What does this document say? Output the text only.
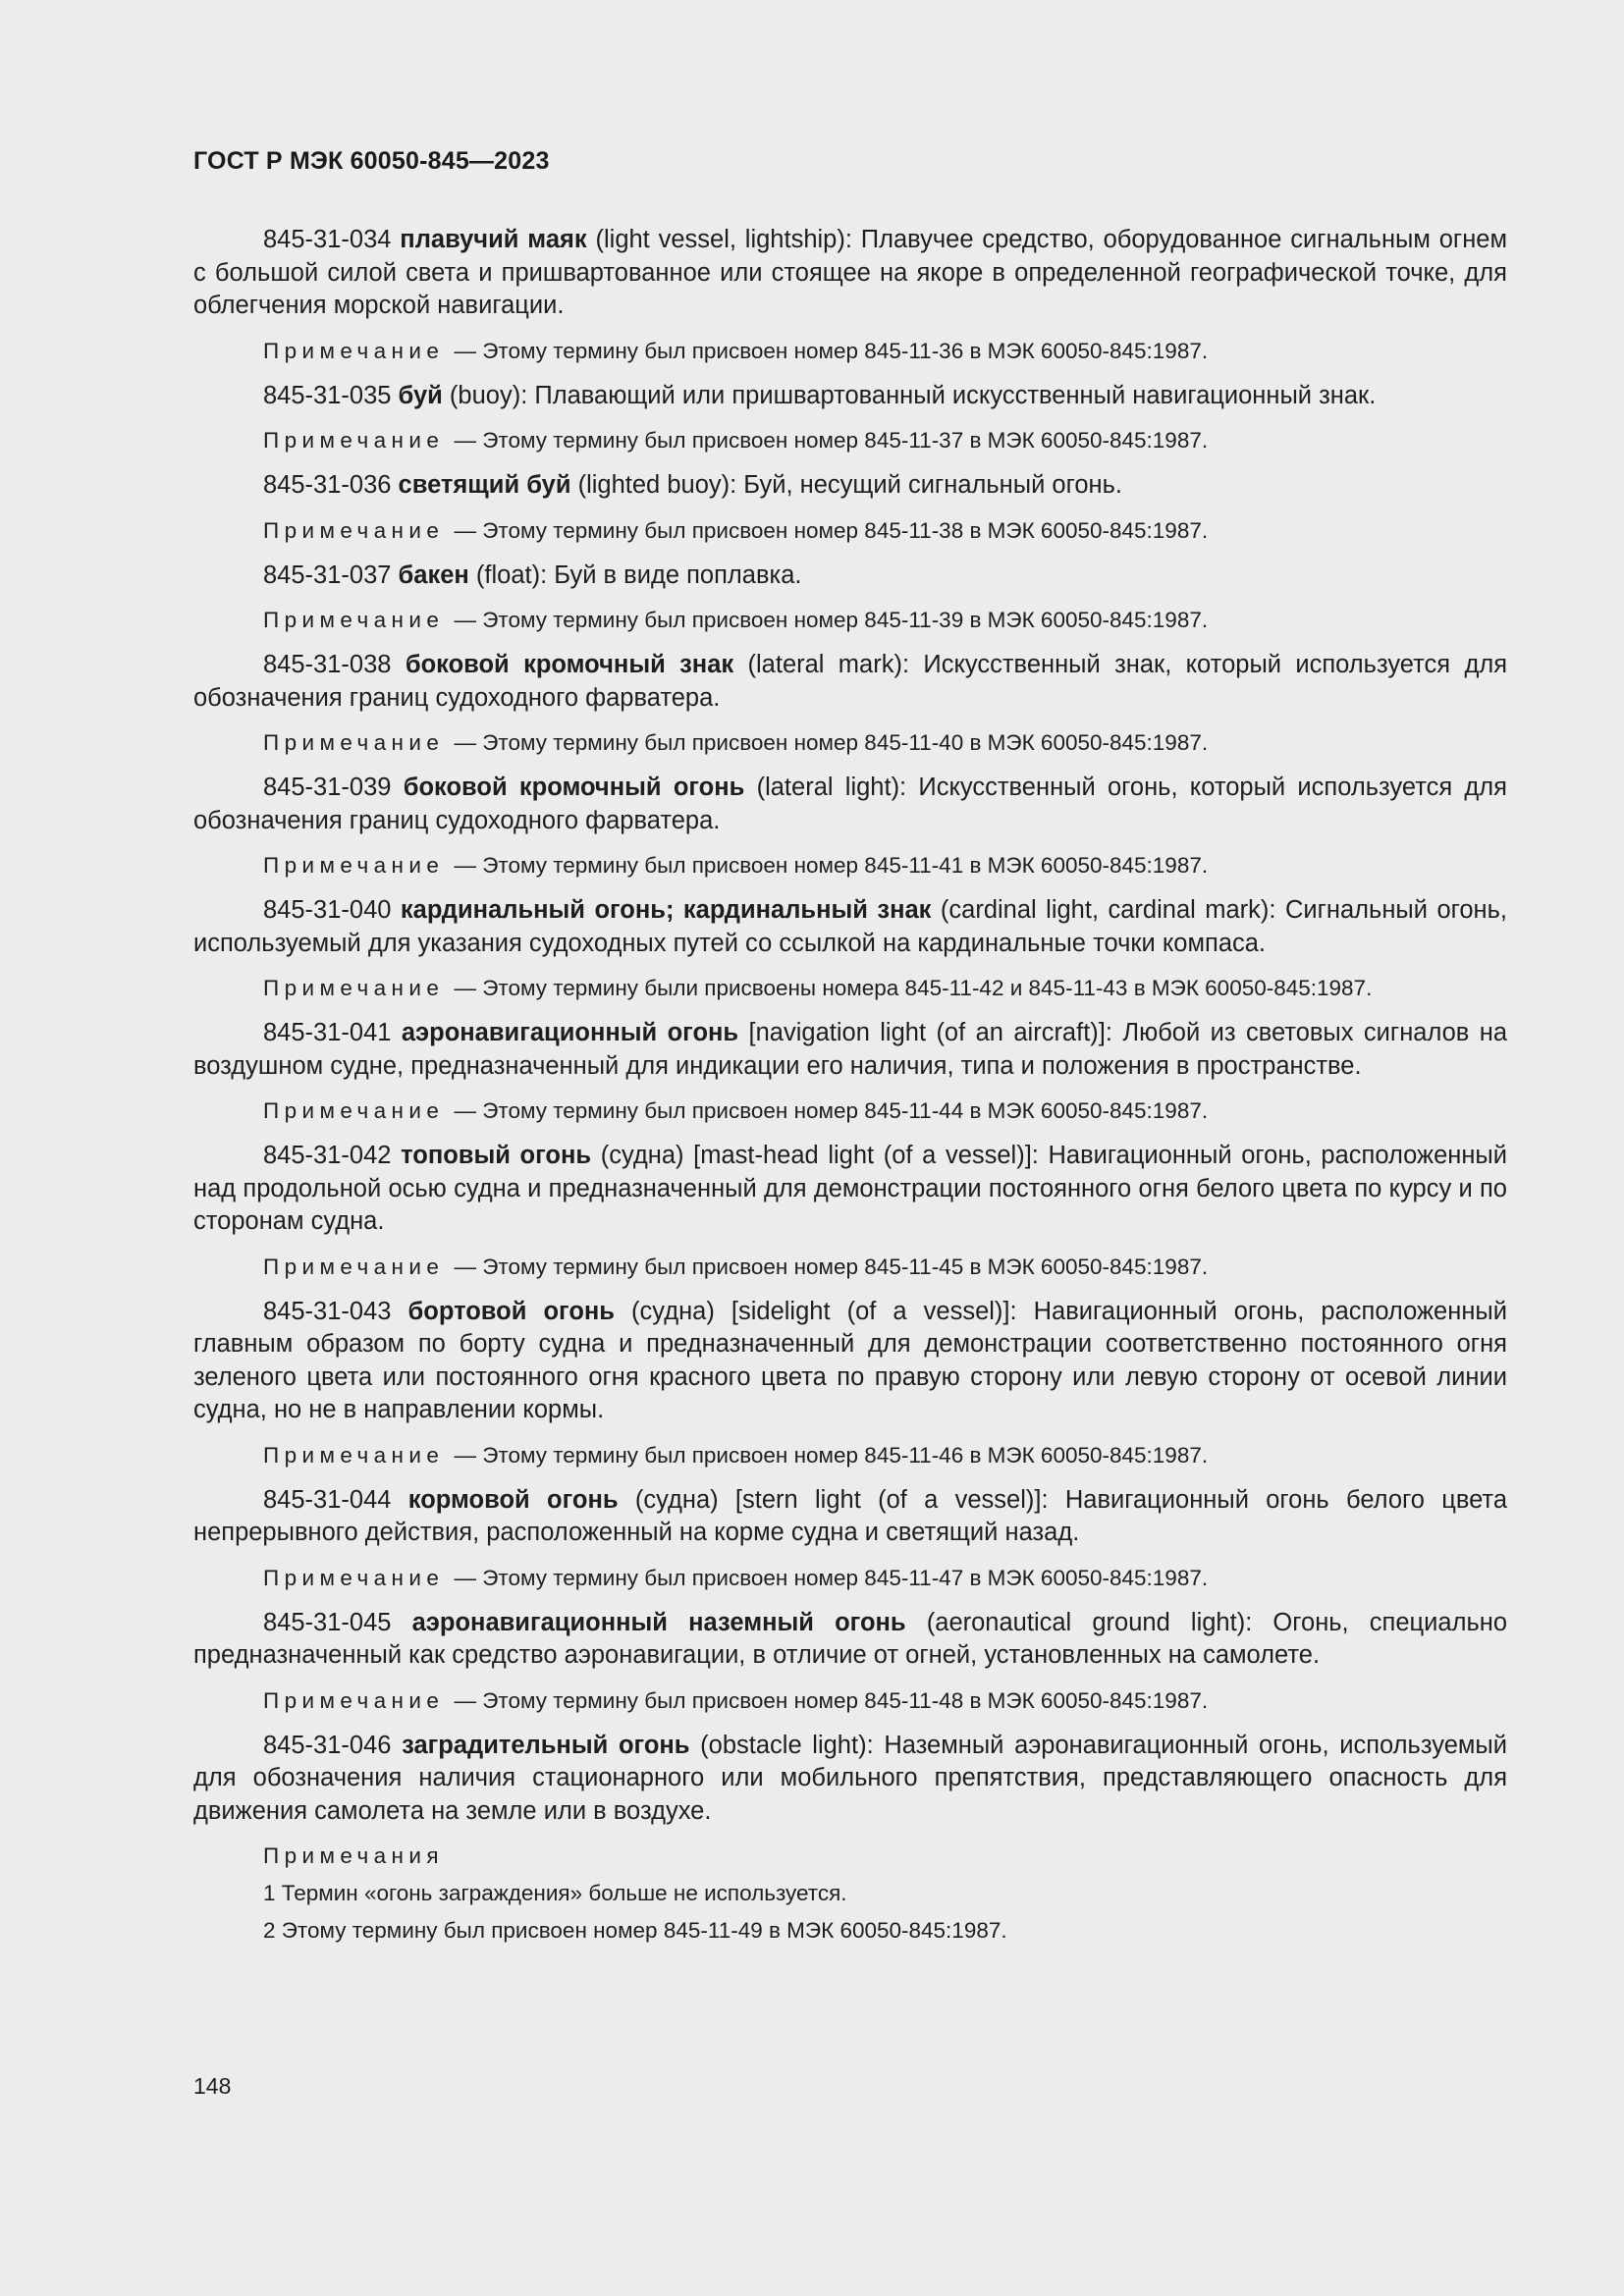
ГОСТ Р МЭК 60050-845—2023

845-31-034 плавучий маяк (light vessel, lightship): Плавучее средство, оборудованное сигнальным огнем с большой силой света и пришвартованное или стоящее на якоре в определенной географической точке, для облегчения морской навигации.

Примечание — Этому термину был присвоен номер 845-11-36 в МЭК 60050-845:1987.

845-31-035 буй (buoy): Плавающий или пришвартованный искусственный навигационный знак.

Примечание — Этому термину был присвоен номер 845-11-37 в МЭК 60050-845:1987.

845-31-036 светящий буй (lighted buoy): Буй, несущий сигнальный огонь.

Примечание — Этому термину был присвоен номер 845-11-38 в МЭК 60050-845:1987.

845-31-037 бакен (float): Буй в виде поплавка.

Примечание — Этому термину был присвоен номер 845-11-39 в МЭК 60050-845:1987.

845-31-038 боковой кромочный знак (lateral mark): Искусственный знак, который используется для обозначения границ судоходного фарватера.

Примечание — Этому термину был присвоен номер 845-11-40 в МЭК 60050-845:1987.

845-31-039 боковой кромочный огонь (lateral light): Искусственный огонь, который используется для обозначения границ судоходного фарватера.

Примечание — Этому термину был присвоен номер 845-11-41 в МЭК 60050-845:1987.

845-31-040 кардинальный огонь; кардинальный знак (cardinal light, cardinal mark): Сигнальный огонь, используемый для указания судоходных путей со ссылкой на кардинальные точки компаса.

Примечание — Этому термину были присвоены номера 845-11-42 и 845-11-43 в МЭК 60050-845:1987.

845-31-041 аэронавигационный огонь [navigation light (of an aircraft)]: Любой из световых сигналов на воздушном судне, предназначенный для индикации его наличия, типа и положения в пространстве.

Примечание — Этому термину был присвоен номер 845-11-44 в МЭК 60050-845:1987.

845-31-042 топовый огонь (судна) [mast-head light (of a vessel)]: Навигационный огонь, расположенный над продольной осью судна и предназначенный для демонстрации постоянного огня белого цвета по курсу и по сторонам судна.

Примечание — Этому термину был присвоен номер 845-11-45 в МЭК 60050-845:1987.

845-31-043 бортовой огонь (судна) [sidelight (of a vessel)]: Навигационный огонь, расположенный главным образом по борту судна и предназначенный для демонстрации соответственно постоянного огня зеленого цвета или постоянного огня красного цвета по правую сторону или левую сторону от осевой линии судна, но не в направлении кормы.

Примечание — Этому термину был присвоен номер 845-11-46 в МЭК 60050-845:1987.

845-31-044 кормовой огонь (судна) [stern light (of a vessel)]: Навигационный огонь белого цвета непрерывного действия, расположенный на корме судна и светящий назад.

Примечание — Этому термину был присвоен номер 845-11-47 в МЭК 60050-845:1987.

845-31-045 аэронавигационный наземный огонь (aeronautical ground light): Огонь, специально предназначенный как средство аэронавигации, в отличие от огней, установленных на самолете.

Примечание — Этому термину был присвоен номер 845-11-48 в МЭК 60050-845:1987.

845-31-046 заградительный огонь (obstacle light): Наземный аэронавигационный огонь, используемый для обозначения наличия стационарного или мобильного препятствия, представляющего опасность для движения самолета на земле или в воздухе.

Примечания

1 Термин «огонь заграждения» больше не используется.

2 Этому термину был присвоен номер 845-11-49 в МЭК 60050-845:1987.

148
